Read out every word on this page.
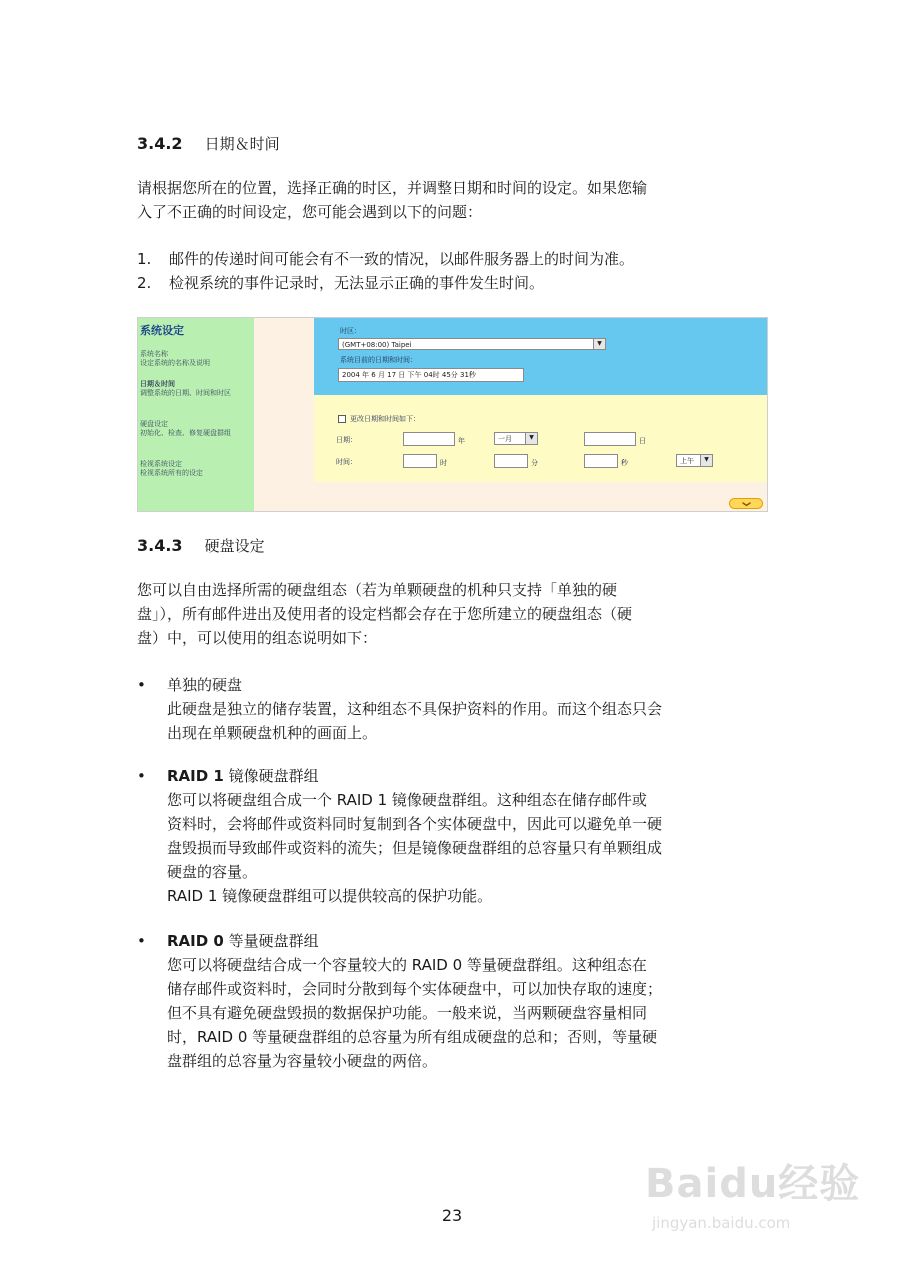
3.4.2 日期＆时间
请根据您所在的位置，选择正确的时区，并调整日期和时间的设定。如果您输
入了不正确的时间设定，您可能会遇到以下的问题：
1. 邮件的传递时间可能会有不一致的情况，以邮件服务器上的时间为准。
2. 检视系统的事件记录时，无法显示正确的事件发生时间。
系统设定
系统名称
设定系统的名称及说明
日期＆时间
调整系统的日期、时间和时区
硬盘设定
初始化、检查、修复硬盘群组
检视系统设定
检视系统所有的设定
时区：
(GMT+08:00) Taipei	▼
系统目前的日期和时间：
2004 年 6 月 17 日 下午 04时 45分 31秒
更改日期和时间如下：
日期：	年	一月	▼	日
时间：	时	分	秒	上午	▼
❯
3.4.3 硬盘设定
您可以自由选择所需的硬盘组态（若为单颗硬盘的机种只支持「单独的硬
盘」），所有邮件进出及使用者的设定档都会存在于您所建立的硬盘组态（硬
盘）中，可以使用的组态说明如下：
• 单独的硬盘
此硬盘是独立的储存装置，这种组态不具保护资料的作用。而这个组态只会
出现在单颗硬盘机种的画面上。
• RAID 1 镜像硬盘群组
您可以将硬盘组合成一个 RAID 1 镜像硬盘群组。这种组态在储存邮件或
资料时，会将邮件或资料同时复制到各个实体硬盘中，因此可以避免单一硬
盘毁损而导致邮件或资料的流失；但是镜像硬盘群组的总容量只有单颗组成
硬盘的容量。
RAID 1 镜像硬盘群组可以提供较高的保护功能。
• RAID 0 等量硬盘群组
您可以将硬盘结合成一个容量较大的 RAID 0 等量硬盘群组。这种组态在
储存邮件或资料时，会同时分散到每个实体硬盘中，可以加快存取的速度；
但不具有避免硬盘毁损的数据保护功能。一般来说，当两颗硬盘容量相同
时，RAID 0 等量硬盘群组的总容量为所有组成硬盘的总和；否则，等量硬
盘群组的总容量为容量较小硬盘的两倍。
23
Baidu经验
jingyan.baidu.com
